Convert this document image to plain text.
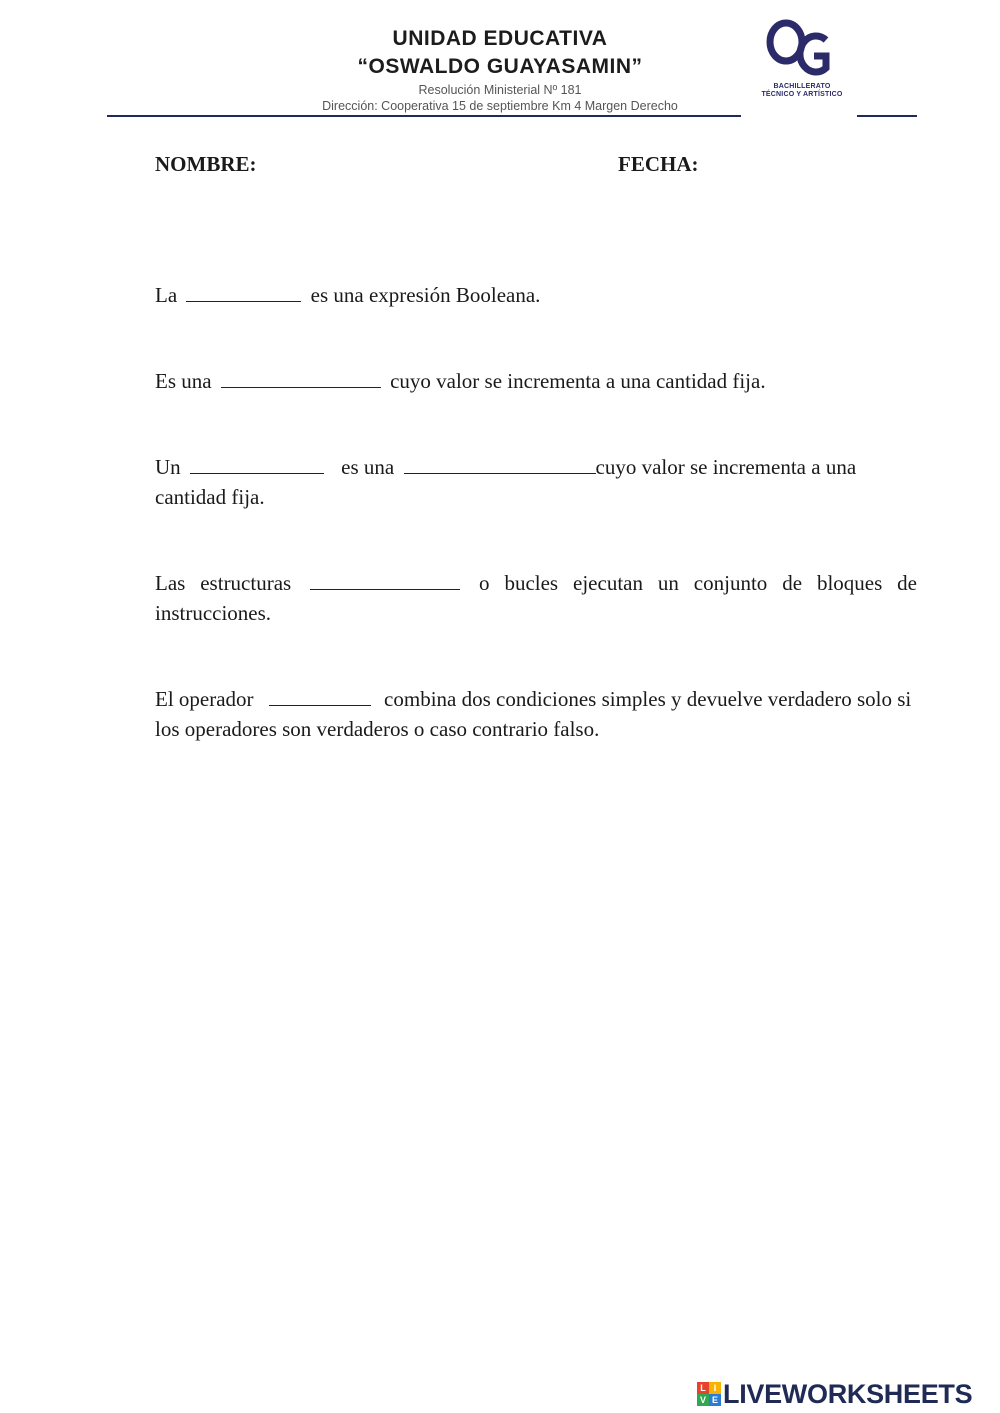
UNIDAD EDUCATIVA
“OSWALDO GUAYASAMIN”
Resolución Ministerial Nº 181
Dirección: Cooperativa 15 de septiembre Km 4 Margen Derecho
BACHILLERATO
TÉCNICO Y ARTÍSTICO
NOMBRE:	FECHA:
La	es una expresión Booleana.
Es una	cuyo valor se incrementa a una cantidad fija.
Un	es una	cuyo valor se incrementa a una cantidad fija.
Las estructuras	o bucles ejecutan un conjunto de bloques de instrucciones.
El operador	combina dos condiciones simples y devuelve verdadero solo si los operadores son verdaderos o caso contrario falso.
L I
V E LIVEWORKSHEETS
